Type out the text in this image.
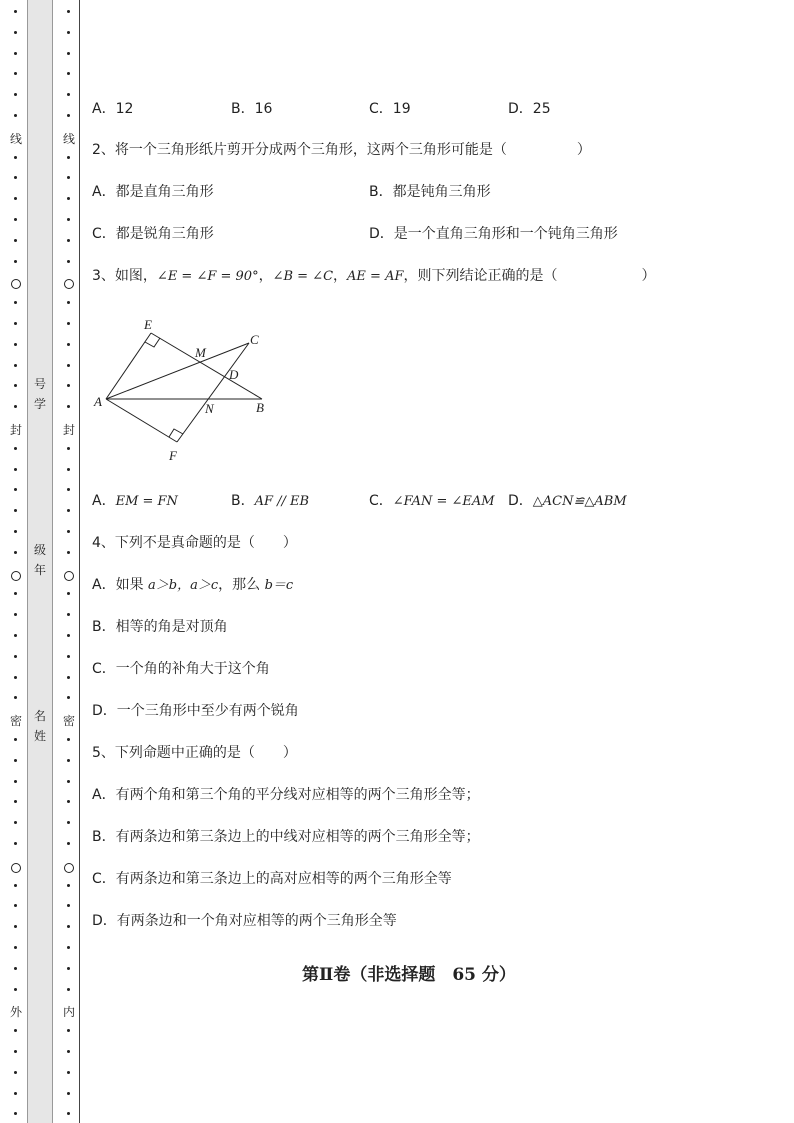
线
封
密
外
线
封
密
内
号学
级年
名姓
A．12	B．16	C．19	D．25
2、将一个三角形纸片剪开分成两个三角形，这两个三角形可能是（　　　　　）
A．都是直角三角形	B．都是钝角三角形
C．都是锐角三角形	D．是一个直角三角形和一个钝角三角形
3、如图，∠E = ∠F = 90°，∠B = ∠C，AE = AF，则下列结论正确的是（　　　　　　）
A．EM = FN	B．AF // EB	C．∠FAN = ∠EAM D．△ACN≌△ABM
4、下列不是真命题的是（　　）
A．如果 a＞b，a＞c，那么 b＝c
B．相等的角是对顶角
C．一个角的补角大于这个角
D．一个三角形中至少有两个锐角
5、下列命题中正确的是（　　）
A．有两个角和第三个角的平分线对应相等的两个三角形全等；
B．有两条边和第三条边上的中线对应相等的两个三角形全等；
C．有两条边和第三条边上的高对应相等的两个三角形全等
D．有两条边和一个角对应相等的两个三角形全等
第Ⅱ卷（非选择题　65 分）
E
M
C
D
A	N	B
F
